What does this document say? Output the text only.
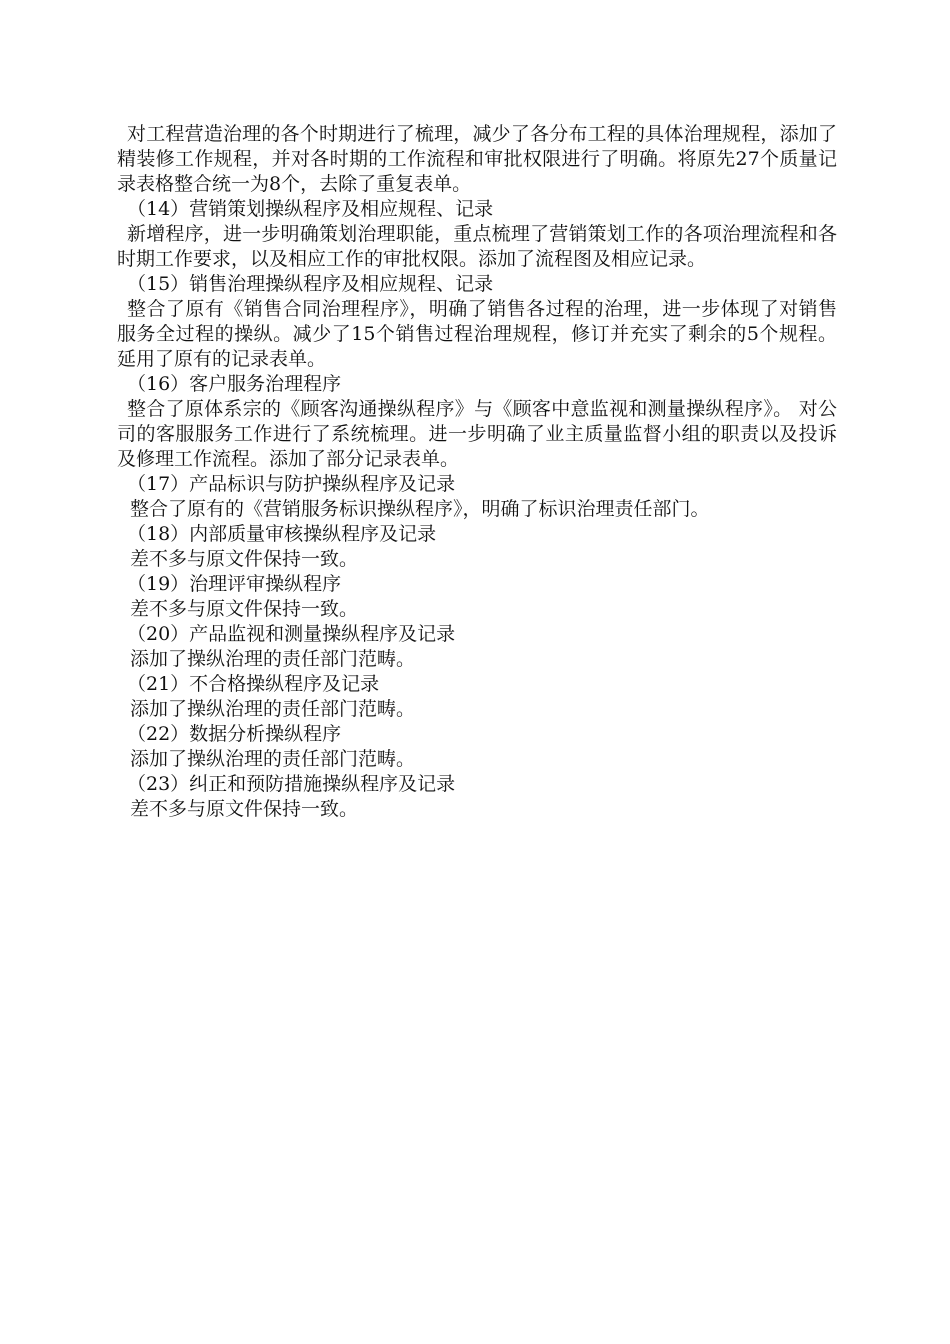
对工程营造治理的各个时期进行了梳理，减少了各分布工程的具体治理规程，添加了精装修工作规程，并对各时期的工作流程和审批权限进行了明确。将原先27个质量记录表格整合统一为8个，去除了重复表单。

（14）营销策划操纵程序及相应规程、记录

新增程序，进一步明确策划治理职能，重点梳理了营销策划工作的各项治理流程和各时期工作要求，以及相应工作的审批权限。添加了流程图及相应记录。

（15）销售治理操纵程序及相应规程、记录

整合了原有《销售合同治理程序》，明确了销售各过程的治理，进一步体现了对销售服务全过程的操纵。减少了15个销售过程治理规程，修订并充实了剩余的5个规程。延用了原有的记录表单。

（16）客户服务治理程序

整合了原体系宗的《顾客沟通操纵程序》与《顾客中意监视和测量操纵程序》。 对公司的客服服务工作进行了系统梳理。进一步明确了业主质量监督小组的职责以及投诉及修理工作流程。添加了部分记录表单。

（17）产品标识与防护操纵程序及记录

整合了原有的《营销服务标识操纵程序》，明确了标识治理责任部门。

（18）内部质量审核操纵程序及记录

差不多与原文件保持一致。

（19）治理评审操纵程序

差不多与原文件保持一致。

（20）产品监视和测量操纵程序及记录

添加了操纵治理的责任部门范畴。

（21）不合格操纵程序及记录

添加了操纵治理的责任部门范畴。

（22）数据分析操纵程序

添加了操纵治理的责任部门范畴。

（23）纠正和预防措施操纵程序及记录

差不多与原文件保持一致。
